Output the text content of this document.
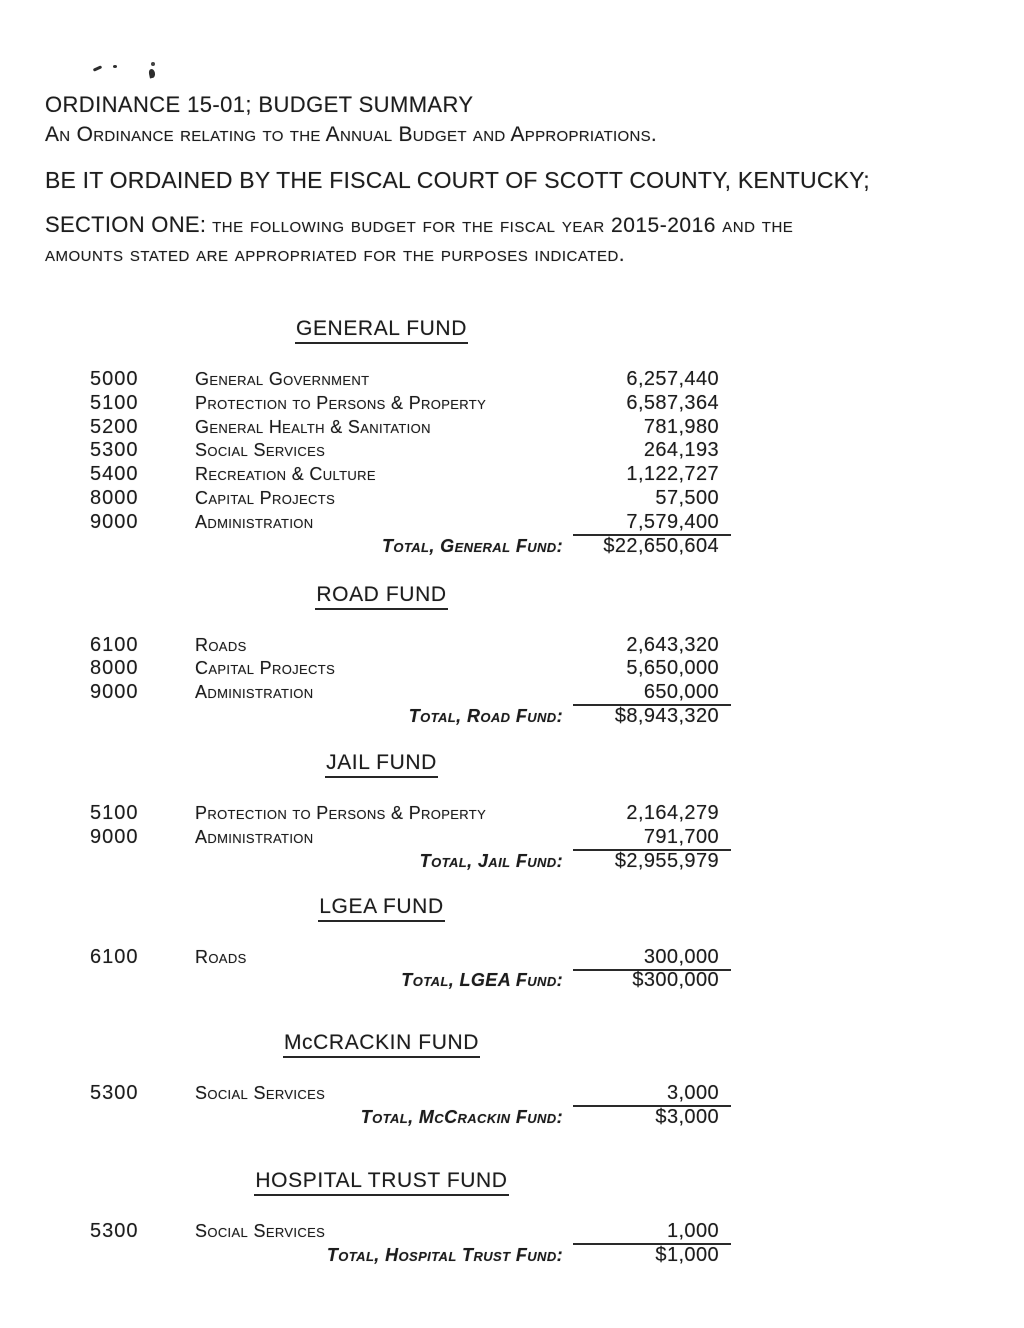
ORDINANCE 15-01; BUDGET SUMMARY
An Ordinance relating to the Annual Budget and Appropriations.
BE IT ORDAINED BY THE FISCAL COURT OF SCOTT COUNTY, KENTUCKY;
SECTION ONE: the following budget for the fiscal year 2015-2016 and the amounts stated are appropriated for the purposes indicated.
GENERAL FUND
5000	General Government	6,257,440
5100	Protection to Persons & Property	6,587,364
5200	General Health & Sanitation	781,980
5300	Social Services	264,193
5400	Recreation & Culture	1,122,727
8000	Capital Projects	57,500
9000	Administration	7,579,400
Total, General Fund:	$22,650,604
ROAD FUND
6100	Roads	2,643,320
8000	Capital Projects	5,650,000
9000	Administration	650,000
Total, Road Fund:	$8,943,320
JAIL FUND
5100	Protection to Persons & Property	2,164,279
9000	Administration	791,700
Total, Jail Fund:	$2,955,979
LGEA FUND
6100	Roads	300,000
Total, LGEA Fund:	$300,000
McCRACKIN FUND
5300	Social Services	3,000
Total, McCrackin Fund:	$3,000
HOSPITAL TRUST FUND
5300	Social Services	1,000
Total, Hospital Trust Fund:	$1,000
